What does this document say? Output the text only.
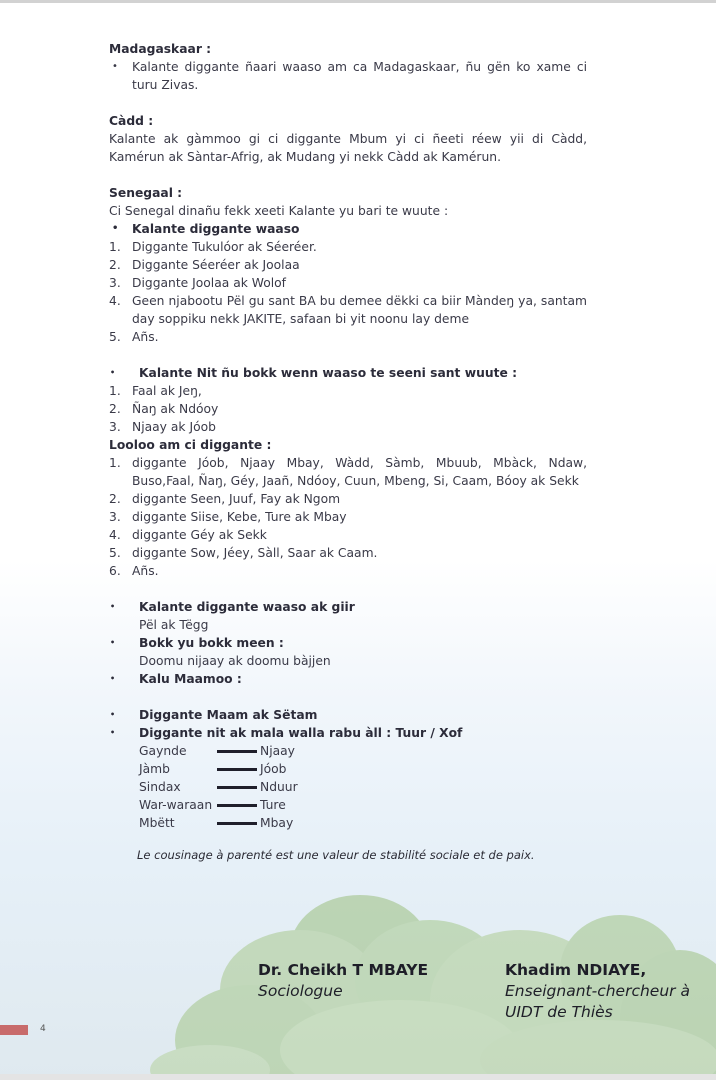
Madagaskaar :
• Kalante diggante ñaari waaso am ca Madagaskaar, ñu gën ko xame ci turu Zivas.
Càdd :
Kalante ak gàmmoo gi ci diggante Mbum yi ci ñeeti réew yii di Càdd, Kamérun ak Sàntar-Afrig, ak Mudang yi nekk Càdd ak Kamérun.
Senegaal :
Ci Senegal dinañu fekk xeeti Kalante yu bari te wuute :
• Kalante diggante waaso
1. Diggante Tukulóor ak Séeréer.
2. Diggante Séeréer ak Joolaa
3. Diggante Joolaa ak Wolof
4. Geen njabootu Pël gu sant BA bu demee dëkki ca biir Màndeŋ ya, santam day soppiku nekk JAKITE, safaan bi yit noonu lay deme
5. Añs.
• Kalante Nit ñu bokk wenn waaso te seeni sant wuute :
1. Faal ak Jeŋ,
2. Ñaŋ ak Ndóoy
3. Njaay ak Jóob
Looloo am ci diggante :
1. diggante Jóob, Njaay Mbay, Wàdd, Sàmb, Mbuub, Mbàck, Ndaw, Buso,Faal, Ñaŋ, Géy, Jaañ, Ndóoy, Cuun, Mbeng, Si, Caam, Bóoy ak Sekk
2. diggante Seen, Juuf, Fay ak Ngom
3. diggante Siise, Kebe, Ture ak Mbay
4. diggante Géy ak Sekk
5. diggante Sow, Jéey, Sàll, Saar ak Caam.
6. Añs.
• Kalante diggante waaso ak giir
Pël ak Tëgg
• Bokk yu bokk meen :
Doomu nijaay ak doomu bàjjen
• Kalu Maamoo :
• Diggante Maam ak Sëtam
• Diggante nit ak mala walla rabu àll : Tuur / Xof
Gaynde	Njaay
Jàmb	Jóob
Sindax	Nduur
War-waraan	Ture
Mbëtt	Mbay
Le cousinage à parenté est une valeur de stabilité sociale et de paix.
Dr. Cheikh T MBAYE
Sociologue
Khadim NDIAYE,
Enseignant-chercheur à UIDT de Thiès
4
